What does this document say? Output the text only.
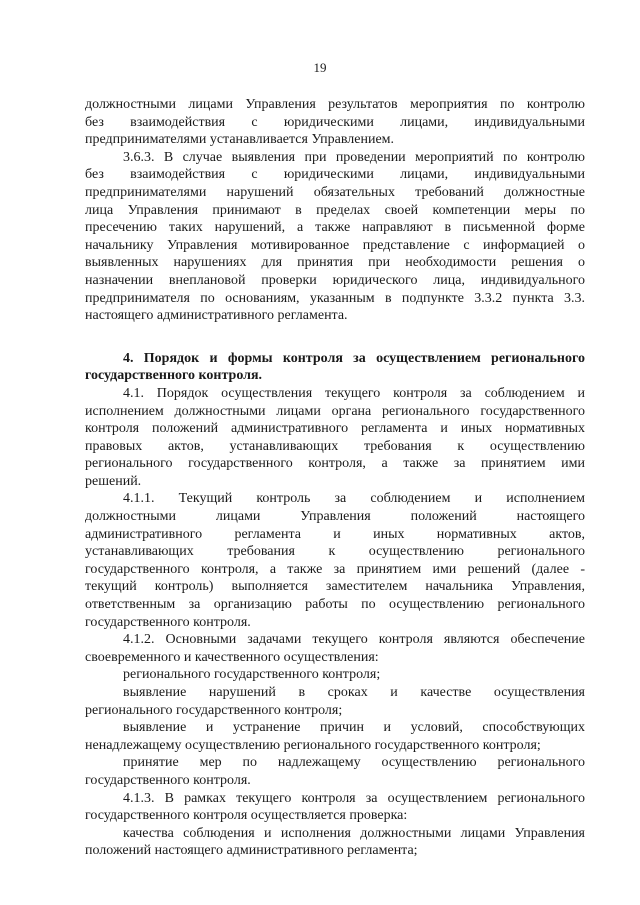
19
должностными лицами Управления результатов мероприятия по контролю
без взаимодействия с юридическими лицами, индивидуальными
предпринимателями устанавливается Управлением.
3.6.3. В случае выявления при проведении мероприятий по контролю
без взаимодействия с юридическими лицами, индивидуальными
предпринимателями нарушений обязательных требований должностные
лица Управления принимают в пределах своей компетенции меры по
пресечению таких нарушений, а также направляют в письменной форме
начальнику Управления мотивированное представление с информацией о
выявленных нарушениях для принятия при необходимости решения о
назначении внеплановой проверки юридического лица, индивидуального
предпринимателя по основаниям, указанным в подпункте 3.3.2 пункта 3.3.
настоящего административного регламента.
4. Порядок и формы контроля за осуществлением регионального
государственного контроля.
4.1. Порядок осуществления текущего контроля за соблюдением и
исполнением должностными лицами органа регионального государственного
контроля положений административного регламента и иных нормативных
правовых актов, устанавливающих требования к осуществлению
регионального государственного контроля, а также за принятием ими
решений.
4.1.1. Текущий контроль за соблюдением и исполнением
должностными лицами Управления положений настоящего
административного регламента и иных нормативных актов,
устанавливающих требования к осуществлению регионального
государственного контроля, а также за принятием ими решений (далее -
текущий контроль) выполняется заместителем начальника Управления,
ответственным за организацию работы по осуществлению регионального
государственного контроля.
4.1.2. Основными задачами текущего контроля являются обеспечение
своевременного и качественного осуществления:
регионального государственного контроля;
выявление нарушений в сроках и качестве осуществления
регионального государственного контроля;
выявление и устранение причин и условий, способствующих
ненадлежащему осуществлению регионального государственного контроля;
принятие мер по надлежащему осуществлению регионального
государственного контроля.
4.1.3. В рамках текущего контроля за осуществлением регионального
государственного контроля осуществляется проверка:
качества соблюдения и исполнения должностными лицами Управления
положений настоящего административного регламента;
